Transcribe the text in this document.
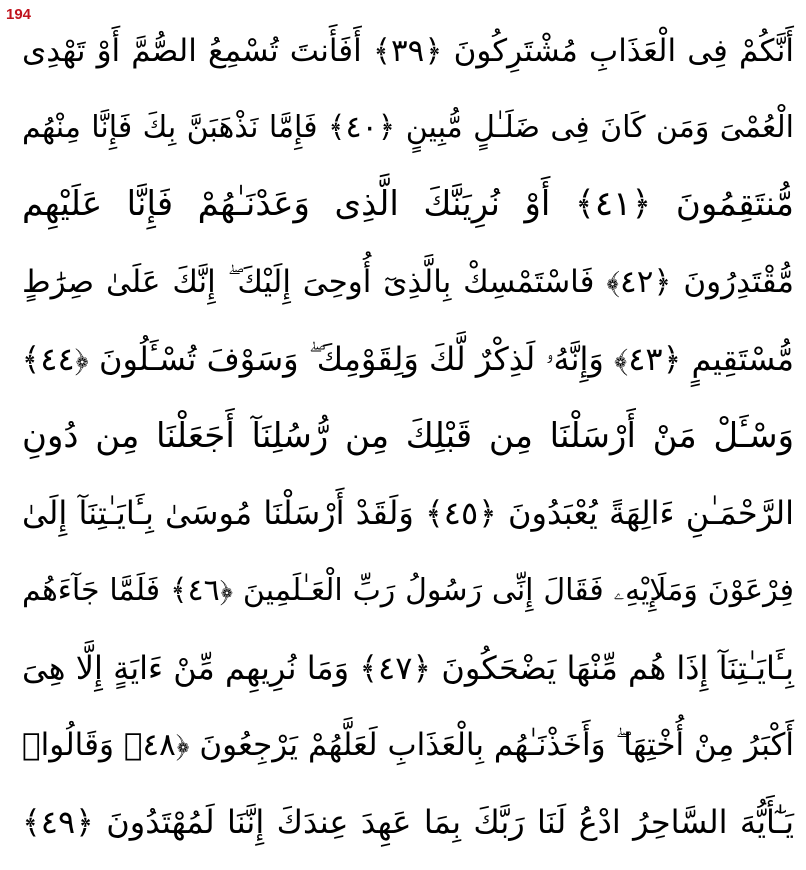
194
أَنَّكُمْ فِى الْعَذَابِ مُشْتَرِكُونَ ﴿٣٩﴾ أَفَأَنتَ تُسْمِعُ الصُّمَّ أَوْ تَهْدِى
الْعُمْىَ وَمَن كَانَ فِى ضَلَـٰلٍ مُّبِينٍ ﴿٤٠﴾ فَإِمَّا نَذْهَبَنَّ بِكَ فَإِنَّا مِنْهُم
مُّنتَقِمُونَ ﴿٤١﴾ أَوْ نُرِيَنَّكَ الَّذِى وَعَدْنَـٰهُمْ فَإِنَّا عَلَيْهِم
مُّقْتَدِرُونَ ﴿٤٢﴾ فَاسْتَمْسِكْ بِالَّذِىٓ أُوحِىَ إِلَيْكَ ۖ إِنَّكَ عَلَىٰ صِرَٰطٍ
مُّسْتَقِيمٍ ﴿٤٣﴾ وَإِنَّهُۥ لَذِكْرٌ لَّكَ وَلِقَوْمِكَ ۖ وَسَوْفَ تُسْـَٔلُونَ ﴿٤٤﴾
وَسْـَٔلْ مَنْ أَرْسَلْنَا مِن قَبْلِكَ مِن رُّسُلِنَآ أَجَعَلْنَا مِن دُونِ
الرَّحْمَـٰنِ ءَالِهَةً يُعْبَدُونَ ﴿٤٥﴾ وَلَقَدْ أَرْسَلْنَا مُوسَىٰ بِـَٔايَـٰتِنَآ إِلَىٰ
فِرْعَوْنَ وَمَلَإِيْهِۦ فَقَالَ إِنِّى رَسُولُ رَبِّ الْعَـٰلَمِينَ ﴿٤٦﴾ فَلَمَّا جَآءَهُم
بِـَٔايَـٰتِنَآ إِذَا هُم مِّنْهَا يَضْحَكُونَ ﴿٤٧﴾ وَمَا نُرِيهِم مِّنْ ءَايَةٍ إِلَّا هِىَ
أَكْبَرُ مِنْ أُخْتِهَا ۖ وَأَخَذْنَـٰهُم بِالْعَذَابِ لَعَلَّهُمْ يَرْجِعُونَ ﴿٤٨﴾ وَقَالُوا۟
يَـٰٓأَيُّهَ السَّاحِرُ ادْعُ لَنَا رَبَّكَ بِمَا عَهِدَ عِندَكَ إِنَّنَا لَمُهْتَدُونَ ﴿٤٩﴾
